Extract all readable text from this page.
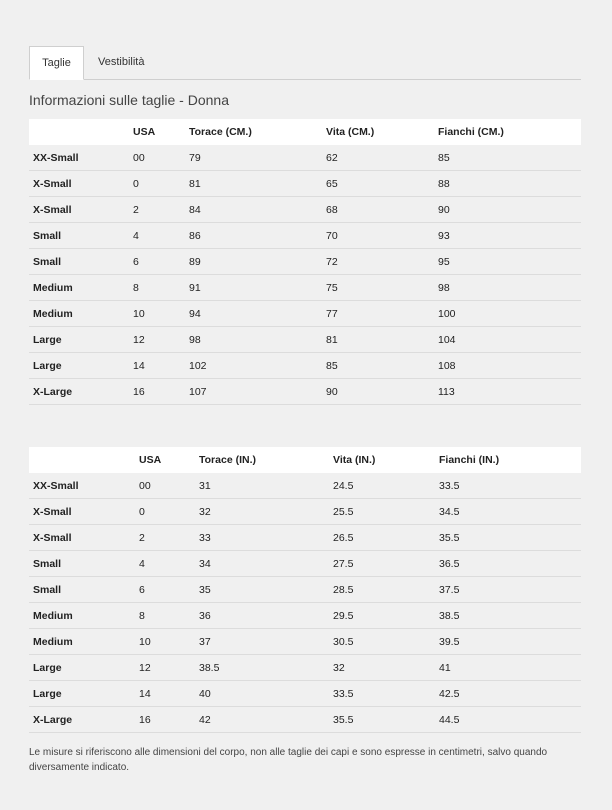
Taglie	Vestibilità
Informazioni sulle taglie - Donna
	USA	Torace (CM.)	Vita (CM.)	Fianchi (CM.)
XX-Small	00	79	62	85
X-Small	0	81	65	88
X-Small	2	84	68	90
Small	4	86	70	93
Small	6	89	72	95
Medium	8	91	75	98
Medium	10	94	77	100
Large	12	98	81	104
Large	14	102	85	108
X-Large	16	107	90	113
	USA	Torace (IN.)	Vita (IN.)	Fianchi (IN.)
XX-Small	00	31	24.5	33.5
X-Small	0	32	25.5	34.5
X-Small	2	33	26.5	35.5
Small	4	34	27.5	36.5
Small	6	35	28.5	37.5
Medium	8	36	29.5	38.5
Medium	10	37	30.5	39.5
Large	12	38.5	32	41
Large	14	40	33.5	42.5
X-Large	16	42	35.5	44.5
Le misure si riferiscono alle dimensioni del corpo, non alle taglie dei capi e sono espresse in centimetri, salvo quando diversamente indicato.
